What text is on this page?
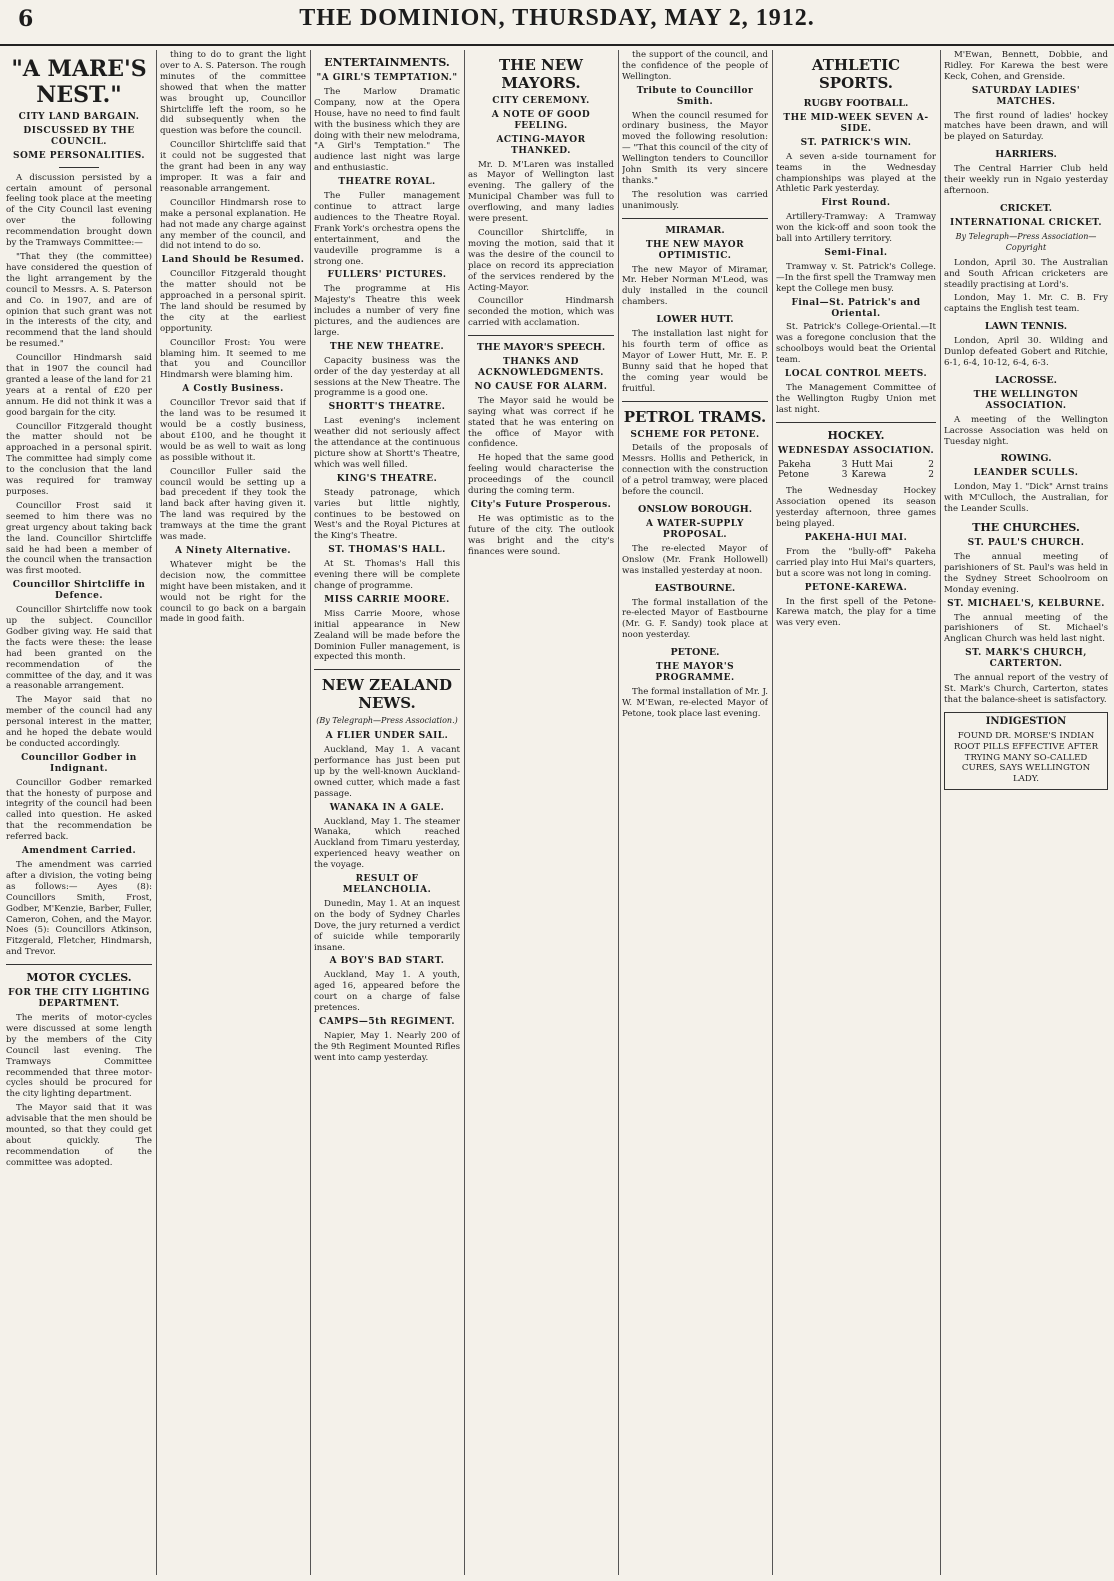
6	THE DOMINION, THURSDAY, MAY 2, 1912.
"A MARE'S NEST."
CITY LAND BARGAIN.
DISCUSSED BY THE COUNCIL.
SOME PERSONALITIES.

A discussion persisted by a certain amount of personal feeling took place at the meeting of the City Council last evening over the following recommendation brought down by the Tramways Committee:—

"That they (the committee) have considered the question of the light arrangement by the council to Messrs. A. S. Paterson and Co. in 1907, and are of opinion that such grant was not in the interests of the city, and recommend that the land should be resumed."

Councillor Hindmarsh said that in 1907 the council had granted a lease of the land for 21 years at a rental of £20 per annum. He did not think it was a good bargain for the city.

Councillor Fitzgerald thought the matter should not be approached in a personal spirit. The committee had simply come to the conclusion that the land was required for tramway purposes.

Councillor Frost said it seemed to him there was no great urgency about taking back the land. Councillor Shirtcliffe said he had been a member of the council when the transaction was first mooted.

Councillor Shirtcliffe in Defence.

Councillor Shirtcliffe now took up the subject. Councillor Godber giving way. He said that the facts were these: the lease had been granted on the recommendation of the committee of the day, and it was a reasonable arrangement.

The Mayor said that no member of the council had any personal interest in the matter, and he hoped the debate would be conducted accordingly.

Councillor Godber in Indignant.

Councillor Godber remarked that the honesty of purpose and integrity of the council had been called into question. He asked that the recommendation be referred back.

Amendment Carried.

The amendment was carried after a division, the voting being as follows:— Ayes (8): Councillors Smith, Frost, Godber, M'Kenzie, Barber, Fuller, Cameron, Cohen, and the Mayor. Noes (5): Councillors Atkinson, Fitzgerald, Fletcher, Hindmarsh, and Trevor.

MOTOR CYCLES.
FOR THE CITY LIGHTING DEPARTMENT.

The merits of motor-cycles were discussed at some length by the members of the City Council last evening. The Tramways Committee recommended that three motor-cycles should be procured for the city lighting department.

The Mayor said that it was advisable that the men should be mounted, so that they could get about quickly. The recommendation of the committee was adopted.

thing to do to grant the light over to A. S. Paterson. The rough minutes of the committee showed that when the matter was brought up, Councillor Shirtcliffe left the room, so he did subsequently when the question was before the council.

Councillor Shirtcliffe said that it could not be suggested that the grant had been in any way improper. It was a fair and reasonable arrangement.

Councillor Hindmarsh rose to make a personal explanation. He had not made any charge against any member of the council, and did not intend to do so.

Land Should be Resumed.

Councillor Fitzgerald thought the matter should not be approached in a personal spirit. The land should be resumed by the city at the earliest opportunity.

Councillor Frost: You were blaming him. It seemed to me that you and Councillor Hindmarsh were blaming him.

A Costly Business.

Councillor Trevor said that if the land was to be resumed it would be a costly business, about £100, and he thought it would be as well to wait as long as possible without it.

Councillor Fuller said the council would be setting up a bad precedent if they took the land back after having given it. The land was required by the tramways at the time the grant was made.

A Ninety Alternative.

Whatever might be the decision now, the committee might have been mistaken, and it would not be right for the council to go back on a bargain made in good faith.

ENTERTAINMENTS.
"A GIRL'S TEMPTATION."

The Marlow Dramatic Company, now at the Opera House, have no need to find fault with the business which they are doing with their new melodrama, "A Girl's Temptation." The audience last night was large and enthusiastic.

THEATRE ROYAL.

The Fuller management continue to attract large audiences to the Theatre Royal. Frank York's orchestra opens the entertainment, and the vaudeville programme is a strong one.

FULLERS' PICTURES.

The programme at His Majesty's Theatre this week includes a number of very fine pictures, and the audiences are large.

THE NEW THEATRE.

Capacity business was the order of the day yesterday at all sessions at the New Theatre. The programme is a good one.

SHORTT'S THEATRE.

Last evening's inclement weather did not seriously affect the attendance at the continuous picture show at Shortt's Theatre, which was well filled.

KING'S THEATRE.

Steady patronage, which varies but little nightly, continues to be bestowed on West's and the Royal Pictures at the King's Theatre.

ST. THOMAS'S HALL.

At St. Thomas's Hall this evening there will be complete change of programme.

MISS CARRIE MOORE.

Miss Carrie Moore, whose initial appearance in New Zealand will be made before the Dominion Fuller management, is expected this month.

NEW ZEALAND NEWS.
(By Telegraph—Press Association.)
A FLIER UNDER SAIL.

Auckland, May 1. A vacant performance has just been put up by the well-known Auckland-owned cutter, which made a fast passage.

WANAKA IN A GALE.

Auckland, May 1. The steamer Wanaka, which reached Auckland from Timaru yesterday, experienced heavy weather on the voyage.

RESULT OF MELANCHOLIA.

Dunedin, May 1. At an inquest on the body of Sydney Charles Dove, the jury returned a verdict of suicide while temporarily insane.

A BOY'S BAD START.

Auckland, May 1. A youth, aged 16, appeared before the court on a charge of false pretences.

CAMPS—5th REGIMENT.

Napier, May 1. Nearly 200 of the 9th Regiment Mounted Rifles went into camp yesterday.

THE NEW MAYORS.
CITY CEREMONY.
A NOTE OF GOOD FEELING.
ACTING-MAYOR THANKED.

Mr. D. M'Laren was installed as Mayor of Wellington last evening. The gallery of the Municipal Chamber was full to overflowing, and many ladies were present.

Councillor Shirtcliffe, in moving the motion, said that it was the desire of the council to place on record its appreciation of the services rendered by the Acting-Mayor.

Councillor Hindmarsh seconded the motion, which was carried with acclamation.

THE MAYOR'S SPEECH.
THANKS AND ACKNOWLEDGMENTS.
NO CAUSE FOR ALARM.

The Mayor said he would be saying what was correct if he stated that he was entering on the office of Mayor with confidence.

He hoped that the same good feeling would characterise the proceedings of the council during the coming term.

City's Future Prosperous.

He was optimistic as to the future of the city. The outlook was bright and the city's finances were sound.

the support of the council, and the confidence of the people of Wellington.

Tribute to Councillor Smith.

When the council resumed for ordinary business, the Mayor moved the following resolution:— "That this council of the city of Wellington tenders to Councillor John Smith its very sincere thanks."

The resolution was carried unanimously.

MIRAMAR.
THE NEW MAYOR OPTIMISTIC.

The new Mayor of Miramar, Mr. Heber Norman M'Leod, was duly installed in the council chambers.

LOWER HUTT.

The installation last night for his fourth term of office as Mayor of Lower Hutt, Mr. E. P. Bunny said that he hoped that the coming year would be fruitful.

PETROL TRAMS.
SCHEME FOR PETONE.

Details of the proposals of Messrs. Hollis and Petherick, in connection with the construction of a petrol tramway, were placed before the council.

ONSLOW BOROUGH.
A WATER-SUPPLY PROPOSAL.

The re-elected Mayor of Onslow (Mr. Frank Hollowell) was installed yesterday at noon.

EASTBOURNE.

The formal installation of the re-elected Mayor of Eastbourne (Mr. G. F. Sandy) took place at noon yesterday.

PETONE.
THE MAYOR'S PROGRAMME.

The formal installation of Mr. J. W. M'Ewan, re-elected Mayor of Petone, took place last evening.

ATHLETIC SPORTS.
RUGBY FOOTBALL.
THE MID-WEEK SEVEN A-SIDE.
ST. PATRICK'S WIN.

A seven a-side tournament for teams in the Wednesday championships was played at the Athletic Park yesterday.

First Round.

Artillery-Tramway: A Tramway won the kick-off and soon took the ball into Artillery territory.

Semi-Final.

Tramway v. St. Patrick's College.—In the first spell the Tramway men kept the College men busy.

Final—St. Patrick's and Oriental.

St. Patrick's College-Oriental.—It was a foregone conclusion that the schoolboys would beat the Oriental team.

LOCAL CONTROL MEETS.

The Management Committee of the Wellington Rugby Union met last night.

HOCKEY.
WEDNESDAY ASSOCIATION.
Pakeha	3	Hutt Mai	2
Petone	3	Karewa	2

The Wednesday Hockey Association opened its season yesterday afternoon, three games being played.

PAKEHA-HUI MAI.

From the "bully-off" Pakeha carried play into Hui Mai's quarters, but a score was not long in coming.

PETONE-KAREWA.

In the first spell of the Petone-Karewa match, the play for a time was very even.

M'Ewan, Bennett, Dobbie, and Ridley. For Karewa the best were Keck, Cohen, and Grenside.

SATURDAY LADIES' MATCHES.

The first round of ladies' hockey matches have been drawn, and will be played on Saturday.

HARRIERS.

The Central Harrier Club held their weekly run in Ngaio yesterday afternoon.

CRICKET.
INTERNATIONAL CRICKET.
By Telegraph—Press Association—Copyright

London, April 30. The Australian and South African cricketers are steadily practising at Lord's.

London, May 1. Mr. C. B. Fry captains the English test team.

LAWN TENNIS.

London, April 30. Wilding and Dunlop defeated Gobert and Ritchie, 6-1, 6-4, 10-12, 6-4, 6-3.

LACROSSE.
THE WELLINGTON ASSOCIATION.

A meeting of the Wellington Lacrosse Association was held on Tuesday night.

ROWING.
LEANDER SCULLS.

London, May 1. "Dick" Arnst trains with M'Culloch, the Australian, for the Leander Sculls.

THE CHURCHES.
ST. PAUL'S CHURCH.

The annual meeting of parishioners of St. Paul's was held in the Sydney Street Schoolroom on Monday evening.

ST. MICHAEL'S, KELBURNE.

The annual meeting of the parishioners of St. Michael's Anglican Church was held last night.

ST. MARK'S CHURCH, CARTERTON.

The annual report of the vestry of St. Mark's Church, Carterton, states that the balance-sheet is satisfactory.

INDIGESTION
FOUND DR. MORSE'S INDIAN ROOT PILLS EFFECTIVE AFTER TRYING MANY SO-CALLED CURES, SAYS WELLINGTON LADY.
